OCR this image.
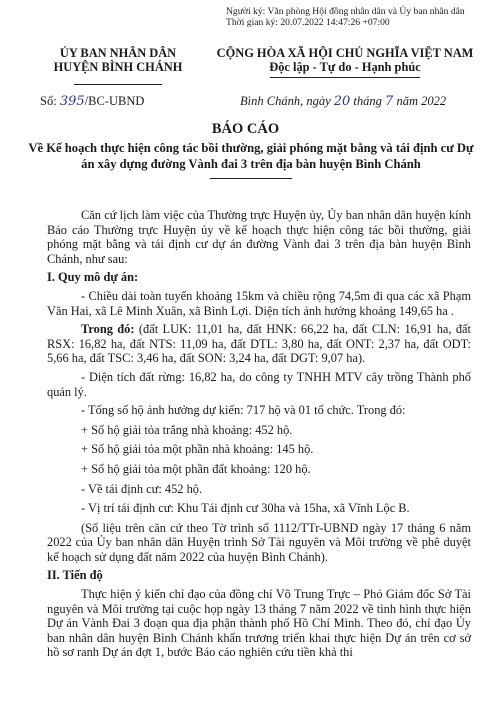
Người ký: Văn phòng Hội đồng nhân dân và Ủy ban nhân dân
Thời gian ký: 20.07.2022 14:47:26 +07:00
ỦY BAN NHÂN DÂN
HUYỆN BÌNH CHÁNH
CỘNG HÒA XÃ HỘI CHỦ NGHĨA VIỆT NAM
Độc lập - Tự do - Hạnh phúc
Số: 395/BC-UBND	Bình Chánh, ngày 20 tháng 7 năm 2022
BÁO CÁO
Về Kế hoạch thực hiện công tác bồi thường, giải phóng mặt bằng và tái định cư Dự án xây dựng đường Vành đai 3 trên địa bàn huyện Bình Chánh

Căn cứ lịch làm việc của Thường trực Huyện ủy, Ủy ban nhân dân huyện kính Báo cáo Thường trực Huyện ủy về kế hoạch thực hiện công tác bồi thường, giải phóng mặt bằng và tái định cư dự án đường Vành đai 3 trên địa bàn huyện Bình Chánh, như sau:

I. Quy mô dự án:

- Chiều dài toàn tuyến khoảng 15km và chiều rộng 74,5m đi qua các xã Phạm Văn Hai, xã Lê Minh Xuân, xã Bình Lợi. Diện tích ảnh hưởng khoảng 149,65 ha .

Trong đó: (đất LUK: 11,01 ha, đất HNK: 66,22 ha, đất CLN: 16,91 ha, đất RSX: 16,82 ha, đất NTS: 11,09 ha, đất DTL: 3,80 ha, đất ONT: 2,37 ha, đất ODT: 5,66 ha, đất TSC: 3,46 ha, đất SON: 3,24 ha, đất DGT: 9,07 ha).

- Diện tích đất rừng: 16,82 ha, do công ty TNHH MTV cây trồng Thành phố quản lý.

- Tổng số hộ ảnh hưởng dự kiến: 717 hộ và 01 tổ chức. Trong đó:

+ Số hộ giải tỏa trắng nhà khoảng: 452 hộ.

+ Số hộ giải tỏa một phần nhà khoảng: 145 hộ.

+ Số hộ giải tỏa một phần đất khoảng: 120 hộ.

- Về tái định cư: 452 hộ.

- Vị trí tái định cư: Khu Tái định cư 30ha và 15ha, xã Vĩnh Lộc B.

(Số liệu trên căn cứ theo Tờ trình số 1112/TTr-UBND ngày 17 tháng 6 năm 2022 của Ủy ban nhân dân Huyện trình Sở Tài nguyên và Môi trường về phê duyệt kế hoạch sử dụng đất năm 2022 của huyện Bình Chánh).

II. Tiến độ

Thực hiện ý kiến chỉ đạo của đồng chí Võ Trung Trực – Phó Giám đốc Sở Tài nguyên và Môi trường tại cuộc họp ngày 13 tháng 7 năm 2022 về tình hình thực hiện Dự án Vành Đai 3 đoạn qua địa phận thành phố Hồ Chí Minh. Theo đó, chỉ đạo Ủy ban nhân dân huyện Bình Chánh khẩn trương triển khai thực hiện Dự án trên cơ sở hồ sơ ranh Dự án đợt 1, bước Báo cáo nghiên cứu tiền khả thi
